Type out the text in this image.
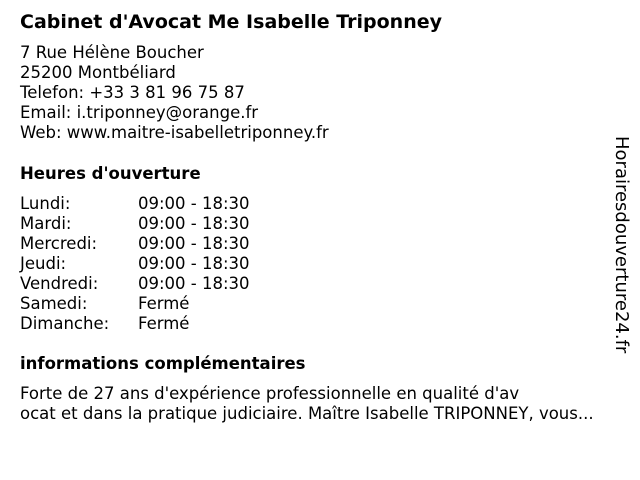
Cabinet d'Avocat Me Isabelle Triponney
7 Rue Hélène Boucher
25200 Montbéliard
Telefon: +33 3 81 96 75 87
Email: i.triponney@orange.fr
Web: www.maitre-isabelletriponney.fr
Heures d'ouverture
Lundi:	09:00 - 18:30
Mardi:	09:00 - 18:30
Mercredi:	09:00 - 18:30
Jeudi:	09:00 - 18:30
Vendredi:	09:00 - 18:30
Samedi:	Fermé
Dimanche:	Fermé
informations complémentaires
Forte de 27 ans d'expérience professionnelle en qualité d'av
ocat et dans la pratique judiciaire. Maître Isabelle TRIPONNEY, vous...
Horairesdouverture24.fr
